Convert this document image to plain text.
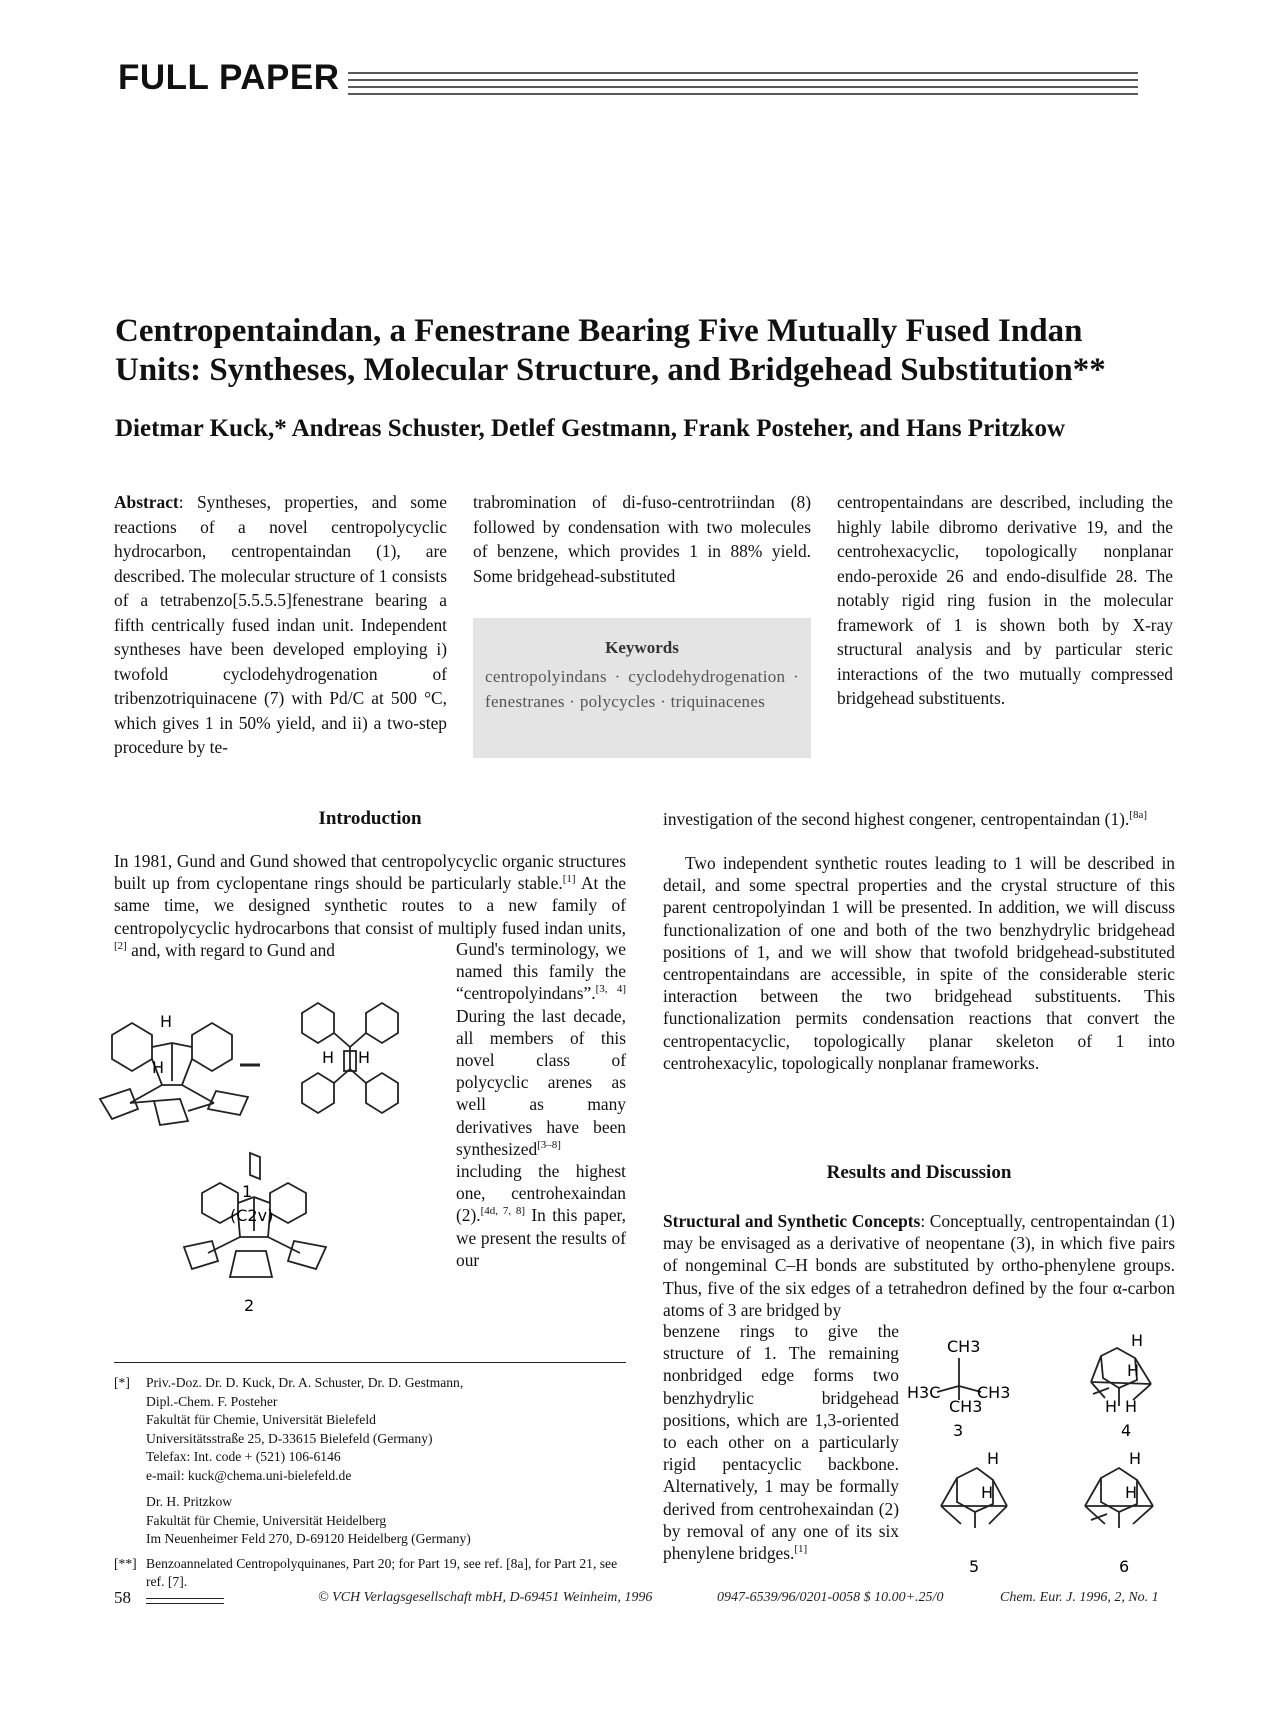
FULL PAPER
Centropentaindan, a Fenestrane Bearing Five Mutually Fused Indan Units: Syntheses, Molecular Structure, and Bridgehead Substitution**
Dietmar Kuck,* Andreas Schuster, Detlef Gestmann, Frank Posteher, and Hans Pritzkow
Abstract: Syntheses, properties, and some reactions of a novel centropolycyclic hydrocarbon, centropentaindan (1), are described. The molecular structure of 1 consists of a tetrabenzo[5.5.5.5]fenestrane bearing a fifth centrically fused indan unit. Independent syntheses have been developed employing i) twofold cyclodehydrogenation of tribenzotriquinacene (7) with Pd/C at 500 °C, which gives 1 in 50% yield, and ii) a two-step procedure by te-
trabromination of di-fuso-centrotriindan (8) followed by condensation with two molecules of benzene, which provides 1 in 88% yield. Some bridgehead-substituted
Keywords
centropolyindans · cyclodehydrogenation · fenestranes · polycycles · triquinacenes
centropentaindans are described, including the highly labile dibromo derivative 19, and the centrohexacyclic, topologically nonplanar endo-peroxide 26 and endo-disulfide 28. The notably rigid ring fusion in the molecular framework of 1 is shown both by X-ray structural analysis and by particular steric interactions of the two mutually compressed bridgehead substituents.
Introduction
In 1981, Gund and Gund showed that centropolycyclic organic structures built up from cyclopentane rings should be particularly stable.[1] At the same time, we designed synthetic routes to a new family of centropolycyclic hydrocarbons that consist of multiply fused indan units,[2] and, with regard to Gund and	Gund's terminology, we named this family the “centropolyindans”.[3, 4] During the last decade, all members of this novel class of polycyclic arenes as well as many derivatives have been synthesized[3–8] including the highest one, centrohexaindan (2).[4d, 7, 8] In this paper, we present the results of our
H
H
H H
1
(C2v)
2
investigation of the second highest congener, centropentaindan (1).[8a]
Two independent synthetic routes leading to 1 will be described in detail, and some spectral properties and the crystal structure of this parent centropolyindan 1 will be presented. In addition, we will discuss functionalization of one and both of the two benzhydrylic bridgehead positions of 1, and we will show that twofold bridgehead-substituted centropentaindans are accessible, in spite of the considerable steric interaction between the two bridgehead substituents. This functionalization permits condensation reactions that convert the centropentacyclic, topologically planar skeleton of 1 into centrohexacylic, topologically nonplanar frameworks.
Results and Discussion
Structural and Synthetic Concepts: Conceptually, centropentaindan (1) may be envisaged as a derivative of neopentane (3), in which five pairs of nongeminal C–H bonds are substituted by ortho-phenylene groups. Thus, five of the six edges of a tetrahedron defined by the four α-carbon atoms of 3 are bridged by
benzene rings to give the structure of 1. The remaining nonbridged edge forms two benzhydrylic bridgehead positions, which are 1,3-oriented to each other on a particularly rigid pentacyclic backbone. Alternatively, 1 may be formally derived from centrohexaindan (2) by removal of any one of its six phenylene bridges.[1]
CH3
H3C CH3
CH3
3
H
H
H H
4
H
H
5
H
H
6
[*]	Priv.-Doz. Dr. D. Kuck, Dr. A. Schuster, Dr. D. Gestmann,
Dipl.-Chem. F. Posteher
Fakultät für Chemie, Universität Bielefeld
Universitätsstraße 25, D-33615 Bielefeld (Germany)
Telefax: Int. code + (521) 106-6146
e-mail: kuck@chema.uni-bielefeld.de
Dr. H. Pritzkow
Fakultät für Chemie, Universität Heidelberg
Im Neuenheimer Feld 270, D-69120 Heidelberg (Germany)
[**] Benzoannelated Centropolyquinanes, Part 20; for Part 19, see ref. [8a], for Part 21, see ref. [7].
58	© VCH Verlagsgesellschaft mbH, D-69451 Weinheim, 1996	0947-6539/96/0201-0058 $ 10.00+.25/0	Chem. Eur. J. 1996, 2, No. 1
